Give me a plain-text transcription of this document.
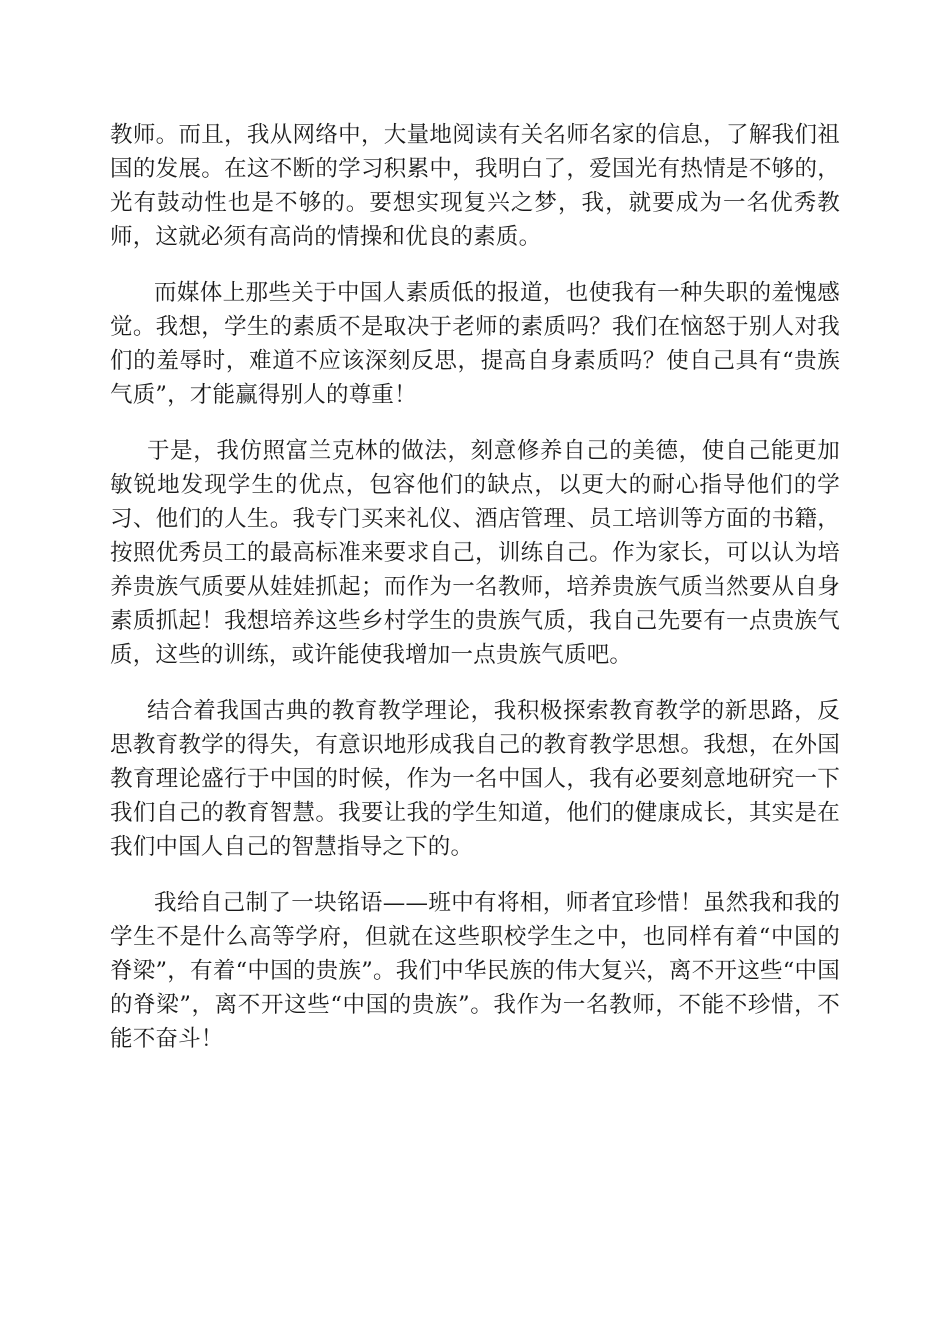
教师。而且，我从网络中，大量地阅读有关名师名家的信息，了解我们祖国的发展。在这不断的学习积累中，我明白了，爱国光有热情是不够的，光有鼓动性也是不够的。要想实现复兴之梦，我，就要成为一名优秀教师，这就必须有高尚的情操和优良的素质。

而媒体上那些关于中国人素质低的报道，也使我有一种失职的羞愧感觉。我想，学生的素质不是取决于老师的素质吗？我们在恼怒于别人对我们的羞辱时，难道不应该深刻反思，提高自身素质吗？使自己具有“贵族气质”，才能赢得别人的尊重！

于是，我仿照富兰克林的做法，刻意修养自己的美德，使自己能更加敏锐地发现学生的优点，包容他们的缺点，以更大的耐心指导他们的学习、他们的人生。我专门买来礼仪、酒店管理、员工培训等方面的书籍，按照优秀员工的最高标准来要求自己，训练自己。作为家长，可以认为培养贵族气质要从娃娃抓起；而作为一名教师，培养贵族气质当然要从自身素质抓起！我想培养这些乡村学生的贵族气质，我自己先要有一点贵族气质，这些的训练，或许能使我增加一点贵族气质吧。

结合着我国古典的教育教学理论，我积极探索教育教学的新思路，反思教育教学的得失，有意识地形成我自己的教育教学思想。我想，在外国教育理论盛行于中国的时候，作为一名中国人，我有必要刻意地研究一下我们自己的教育智慧。我要让我的学生知道，他们的健康成长，其实是在我们中国人自己的智慧指导之下的。

我给自己制了一块铭语——班中有将相，师者宜珍惜！虽然我和我的学生不是什么高等学府，但就在这些职校学生之中，也同样有着“中国的脊梁”，有着“中国的贵族”。我们中华民族的伟大复兴，离不开这些“中国的脊梁”，离不开这些“中国的贵族”。我作为一名教师，不能不珍惜，不能不奋斗！
